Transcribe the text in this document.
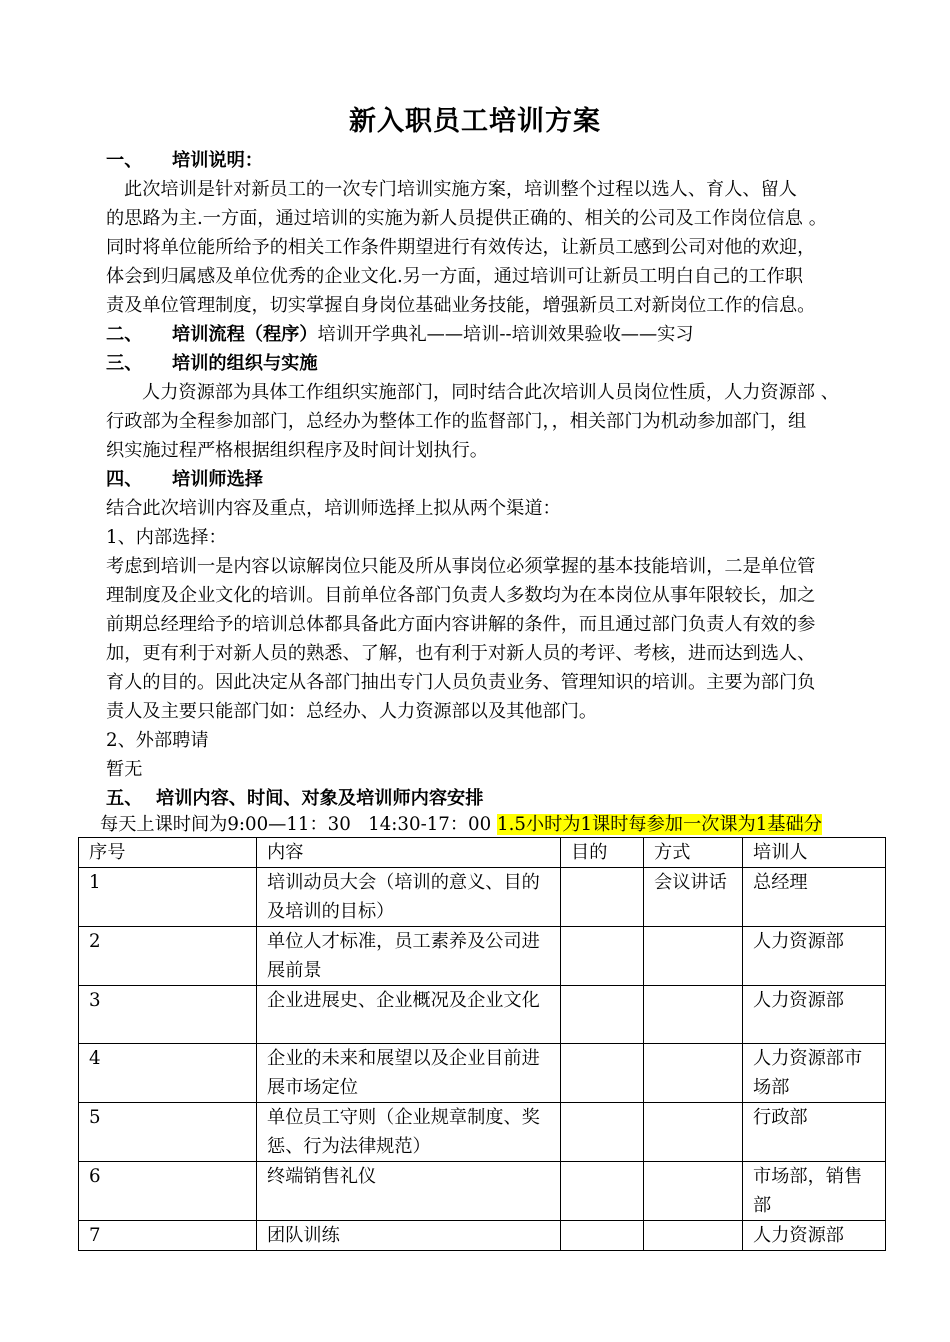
新入职员工培训方案
一、 培训说明：
此次培训是针对新员工的一次专门培训实施方案，培训整个过程以选人、育人、留人
的思路为主.一方面，通过培训的实施为新人员提供正确的、相关的公司及工作岗位信息 。
同时将单位能所给予的相关工作条件期望进行有效传达，让新员工感到公司对他的欢迎，
体会到归属感及单位优秀的企业文化.另一方面，通过培训可让新员工明白自己的工作职
责及单位管理制度，切实掌握自身岗位基础业务技能，增强新员工对新岗位工作的信息。
二、 培训流程（程序）培训开学典礼——培训--培训效果验收——实习
三、 培训的组织与实施
人力资源部为具体工作组织实施部门，同时结合此次培训人员岗位性质，人力资源部 、
行政部为全程参加部门，总经办为整体工作的监督部门，，相关部门为机动参加部门，组
织实施过程严格根据组织程序及时间计划执行。
四、 培训师选择
结合此次培训内容及重点，培训师选择上拟从两个渠道：
1、内部选择：
考虑到培训一是内容以谅解岗位只能及所从事岗位必须掌握的基本技能培训，二是单位管
理制度及企业文化的培训。目前单位各部门负责人多数均为在本岗位从事年限较长，加之
前期总经理给予的培训总体都具备此方面内容讲解的条件，而且通过部门负责人有效的参
加，更有利于对新人员的熟悉、了解，也有利于对新人员的考评、考核，进而达到选人、
育人的目的。因此决定从各部门抽出专门人员负责业务、管理知识的培训。主要为部门负
责人及主要只能部门如：总经办、人力资源部以及其他部门。
2、外部聘请
暂无
五、 培训内容、时间、对象及培训师内容安排
每天上课时间为9:00—11：30   14:30-17：00 1.5小时为1课时每参加一次课为1基础分
序号	内容	目的	方式	培训人
1	培训动员大会（培训的意义、目的及培训的目标）		会议讲话	总经理
2	单位人才标准，员工素养及公司进展前景			人力资源部
3	企业进展史、企业概况及企业文化			人力资源部
4	企业的未来和展望以及企业目前进展市场定位			人力资源部市场部
5	单位员工守则（企业规章制度、奖惩、行为法律规范）			行政部
6	终端销售礼仪			市场部，销售部
7	团队训练			人力资源部
